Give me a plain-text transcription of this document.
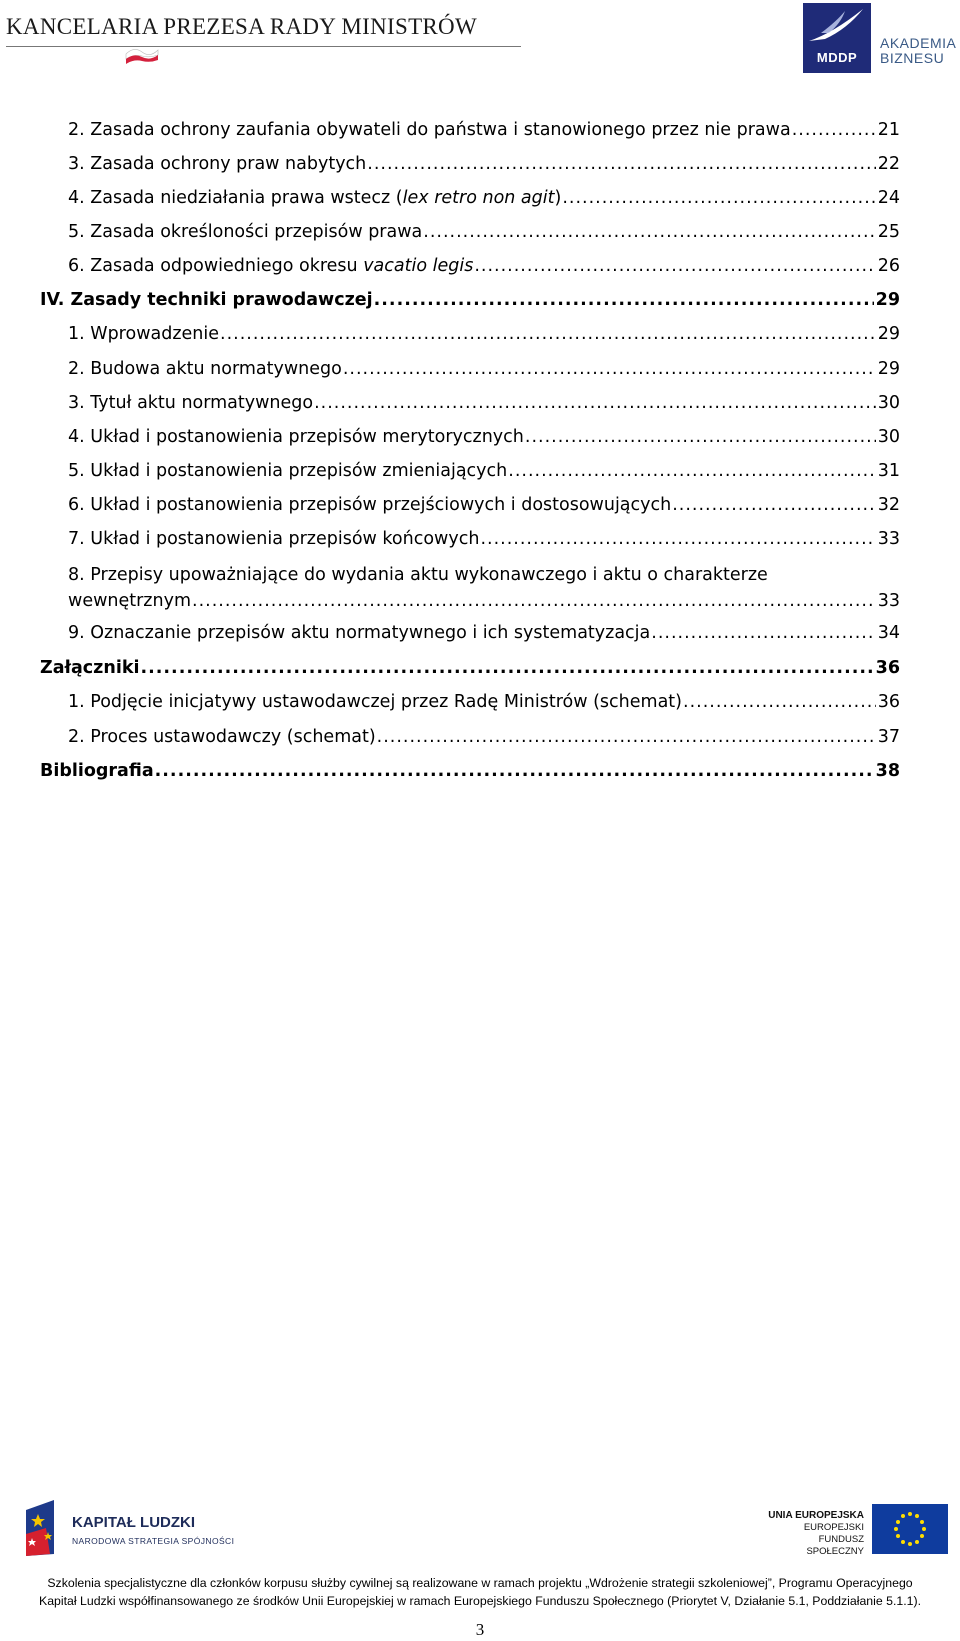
KANCELARIA PREZESA RADY MINISTRÓW
MDDP
AKADEMIA
BIZNESU
2. Zasada ochrony zaufania obywateli do państwa i stanowionego przez nie prawa .....	21
3. Zasada ochrony praw nabytych .....	22
4. Zasada niedziałania prawa wstecz (lex retro non agit) .....	24
5. Zasada określoności przepisów prawa .....	25
6. Zasada odpowiedniego okresu vacatio legis .....	26
IV. Zasady techniki prawodawczej .....	29
1. Wprowadzenie .....	29
2. Budowa aktu normatywnego .....	29
3. Tytuł aktu normatywnego .....	30
4. Układ i postanowienia przepisów merytorycznych .....	30
5. Układ i postanowienia przepisów zmieniających .....	31
6. Układ i postanowienia przepisów przejściowych i dostosowujących .....	32
7. Układ i postanowienia przepisów końcowych .....	33
8. Przepisy upoważniające do wydania aktu wykonawczego i aktu o charakterze
wewnętrznym .....	33
9. Oznaczanie przepisów aktu normatywnego i ich systematyzacja .....	34
Załączniki .....	36
1. Podjęcie inicjatywy ustawodawczej przez Radę Ministrów (schemat) .....	36
2. Proces ustawodawczy (schemat) .....	37
Bibliografia .....	38
KAPITAŁ LUDZKI
NARODOWA STRATEGIA SPÓJNOŚCI
UNIA EUROPEJSKA
EUROPEJSKI
FUNDUSZ SPOŁECZNY
Szkolenia specjalistyczne dla członków korpusu służby cywilnej są realizowane w ramach projektu „Wdrożenie strategii szkoleniowej”, Programu Operacyjnego
Kapitał Ludzki współfinansowanego ze środków Unii Europejskiej w ramach Europejskiego Funduszu Społecznego (Priorytet V, Działanie 5.1, Poddziałanie 5.1.1).
3
